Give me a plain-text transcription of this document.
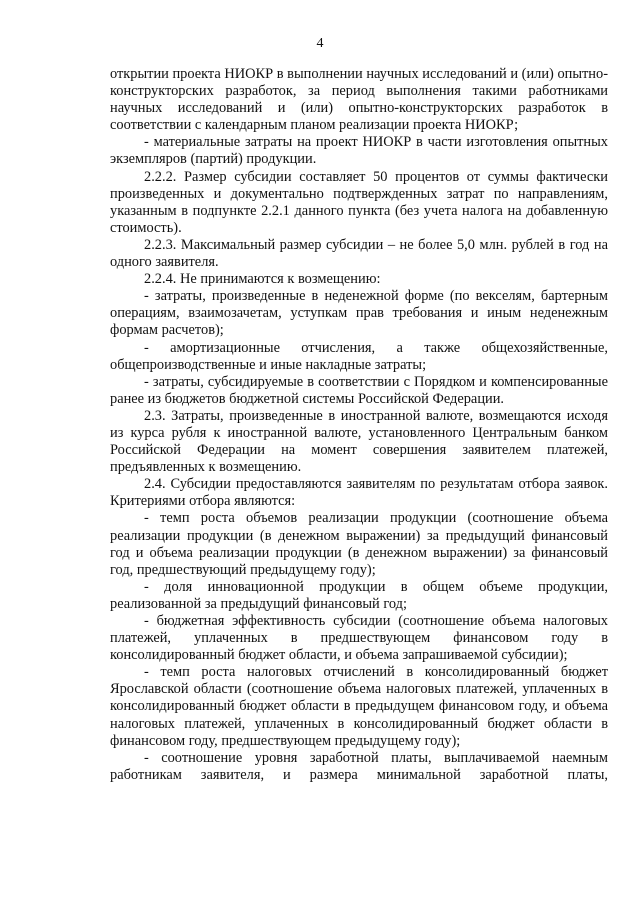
4

открытии проекта НИОКР в выполнении научных исследований и (или) опытно-конструкторских разработок, за период выполнения такими работниками научных исследований и (или) опытно-конструкторских разработок в соответствии с календарным планом реализации проекта НИОКР;

- материальные затраты на проект НИОКР в части изготовления опытных экземпляров (партий) продукции.

2.2.2. Размер субсидии составляет 50 процентов от суммы фактически произведенных и документально подтвержденных затрат по направлениям, указанным в подпункте 2.2.1 данного пункта (без учета налога на добавленную стоимость).

2.2.3. Максимальный размер субсидии – не более 5,0 млн. рублей в год на одного заявителя.

2.2.4. Не принимаются к возмещению:

- затраты, произведенные в неденежной форме (по векселям, бартерным операциям, взаимозачетам, уступкам прав требования и иным неденежным формам расчетов);

- амортизационные отчисления, а также общехозяйственные, общепроизводственные и иные накладные затраты;

- затраты, субсидируемые в соответствии с Порядком и компенсированные ранее из бюджетов бюджетной системы Российской Федерации.

2.3. Затраты, произведенные в иностранной валюте, возмещаются исходя из курса рубля к иностранной валюте, установленного Центральным банком Российской Федерации на момент совершения заявителем платежей, предъявленных к возмещению.

2.4. Субсидии предоставляются заявителям по результатам отбора заявок. Критериями отбора являются:

- темп роста объемов реализации продукции (соотношение объема реализации продукции (в денежном выражении) за предыдущий финансовый год и объема реализации продукции (в денежном выражении) за финансовый год, предшествующий предыдущему году);

- доля инновационной продукции в общем объеме продукции, реализованной за предыдущий финансовый год;

- бюджетная эффективность субсидии (соотношение объема налоговых платежей, уплаченных в предшествующем финансовом году в консолидированный бюджет области, и объема запрашиваемой субсидии);

- темп роста налоговых отчислений в консолидированный бюджет Ярославской области (соотношение объема налоговых платежей, уплаченных в консолидированный бюджет области в предыдущем финансовом году, и объема налоговых платежей, уплаченных в консолидированный бюджет области в финансовом году, предшествующем предыдущему году);

- соотношение уровня заработной платы, выплачиваемой наемным работникам заявителя, и размера минимальной заработной платы,
